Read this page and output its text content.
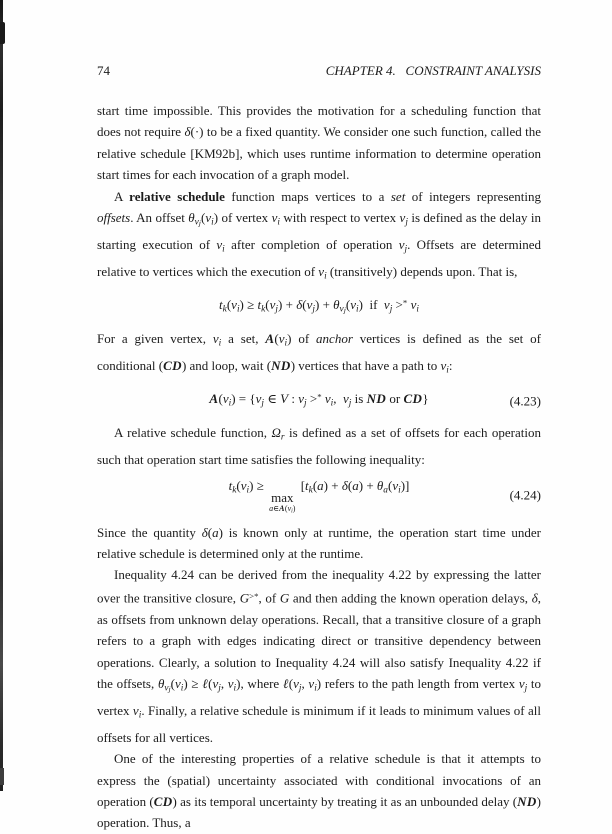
74	CHAPTER 4.   CONSTRAINT ANALYSIS

start time impossible. This provides the motivation for a scheduling function that does not require δ(·) to be a fixed quantity. We consider one such function, called the relative schedule [KM92b], which uses runtime information to determine operation start times for each invocation of a graph model.

A relative schedule function maps vertices to a set of integers representing offsets. An offset $\theta v_j(vi)$ of vertex vi with respect to vertex vj is defined as the delay in starting execution of vi after completion of operation vj. Offsets are determined relative to vertices which the execution of vi (transitively) depends upon. That is,

$tk(vi) \ge tk(vj) + \delta(vj) + \theta v_j(vi)$  if  vj >* vi

For a given vertex, vi a set, A(vi) of anchor vertices is defined as the set of conditional (CD) and loop, wait (ND) vertices that have a path to vi:

A(vi) = {vj ∈ V : vj >* vi,  vj is ND or CD}	(4.23)

A relative schedule function, Ωr is defined as a set of offsets for each operation such that operation start time satisfies the following inequality:

tk(vi) ≥
max
a∈A(vi)
[tk(a) + δ(a) + θa(vi)]
(4.24)

Since the quantity δ(a) is known only at runtime, the operation start time under relative schedule is determined only at the runtime.

Inequality 4.24 can be derived from the inequality 4.22 by expressing the latter over the transitive closure, G>*, of G and then adding the known operation delays, δ, as offsets from unknown delay operations. Recall, that a transitive closure of a graph refers to a graph with edges indicating direct or transitive dependency between operations. Clearly, a solution to Inequality 4.24 will also satisfy Inequality 4.22 if the offsets, $\theta v_j(vi)$ ≥ ℓ(vj, vi), where ℓ(vj, vi) refers to the path length from vertex vj to vertex vi. Finally, a relative schedule is minimum if it leads to minimum values of all offsets for all vertices.

One of the interesting properties of a relative schedule is that it attempts to express the (spatial) uncertainty associated with conditional invocations of an operation (CD) as its temporal uncertainty by treating it as an unbounded delay (ND) operation. Thus, a
